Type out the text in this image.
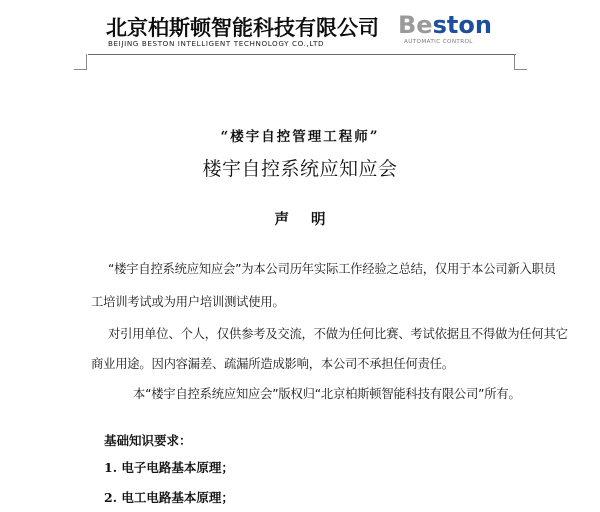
北京柏斯顿智能科技有限公司
BEIJING BESTON INTELLIGENT TECHNOLOGY CO.,LTD
Beston
AUTOMATIC CONTROL
“楼宇自控管理工程师”
楼宇自控系统应知应会
声明
“楼宇自控系统应知应会”为本公司历年实际工作经验之总结，仅用于本公司新入职员
工培训考试或为用户培训测试使用。
对引用单位、个人，仅供参考及交流，不做为任何比赛、考试依据且不得做为任何其它
商业用途。因内容漏差、疏漏所造成影响，本公司不承担任何责任。
本“楼宇自控系统应知应会”版权归“北京柏斯顿智能科技有限公司”所有。
基础知识要求：
1. 电子电路基本原理；
2. 电工电路基本原理；
